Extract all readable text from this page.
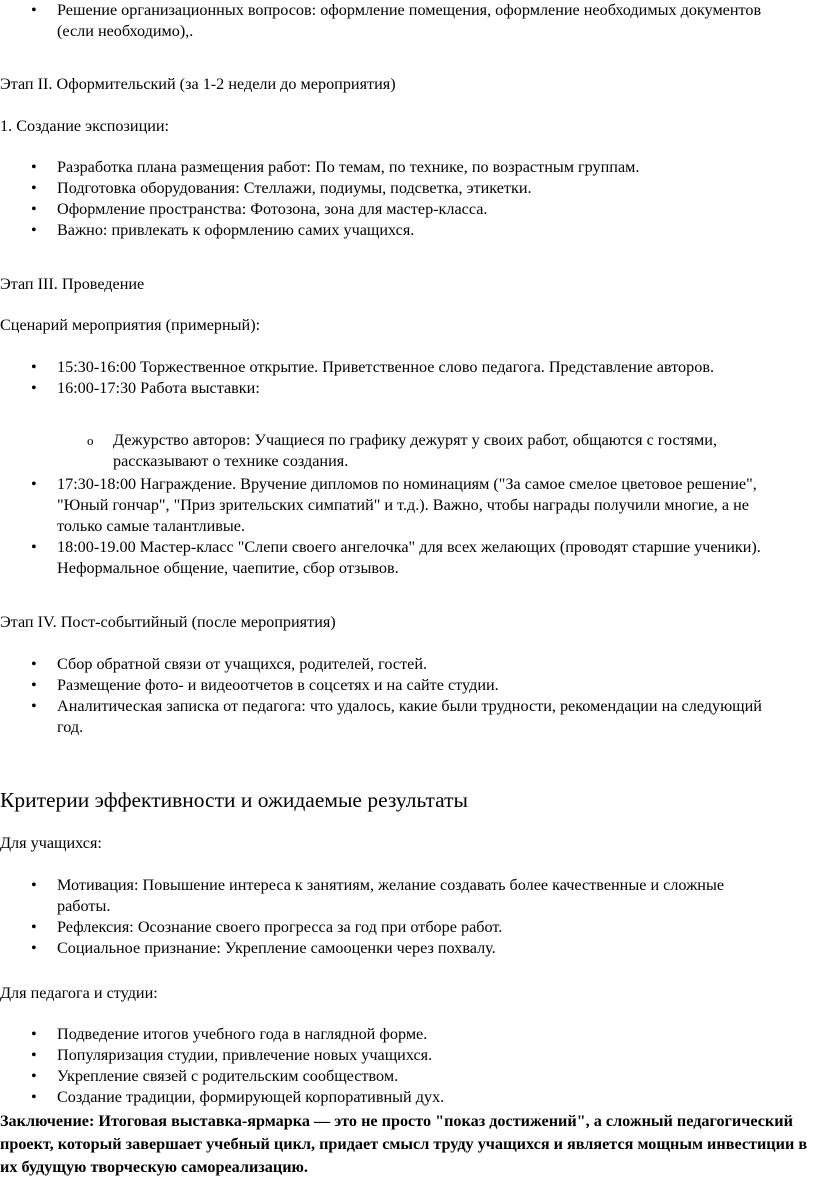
• Решение организационных вопросов: оформление помещения, оформление необходимых документов (если необходимо),.

Этап II. Оформительский (за 1-2 недели до мероприятия)

1. Создание экспозиции:

• Разработка плана размещения работ: По темам, по технике, по возрастным группам.
• Подготовка оборудования: Стеллажи, подиумы, подсветка, этикетки.
• Оформление пространства: Фотозона, зона для мастер-класса.
• Важно: привлекать к оформлению самих учащихся.

Этап III. Проведение

Сценарий мероприятия (примерный):

• 15:30-16:00 Торжественное открытие. Приветственное слово педагога. Представление авторов.
• 16:00-17:30 Работа выставки:
o Дежурство авторов: Учащиеся по графику дежурят у своих работ, общаются с гостями, рассказывают о технике создания.
• 17:30-18:00 Награждение. Вручение дипломов по номинациям ("За самое смелое цветовое решение", "Юный гончар", "Приз зрительских симпатий" и т.д.). Важно, чтобы награды получили многие, а не только самые талантливые.
• 18:00-19.00 Мастер-класс "Слепи своего ангелочка" для всех желающих (проводят старшие ученики). Неформальное общение, чаепитие, сбор отзывов.

Этап IV. Пост-событийный (после мероприятия)

• Сбор обратной связи от учащихся, родителей, гостей.
• Размещение фото- и видеоотчетов в соцсетях и на сайте студии.
• Аналитическая записка от педагога: что удалось, какие были трудности, рекомендации на следующий год.

Критерии эффективности и ожидаемые результаты

Для учащихся:

• Мотивация: Повышение интереса к занятиям, желание создавать более качественные и сложные работы.
• Рефлексия: Осознание своего прогресса за год при отборе работ.
• Социальное признание: Укрепление самооценки через похвалу.

Для педагога и студии:

• Подведение итогов учебного года в наглядной форме.
• Популяризация студии, привлечение новых учащихся.
• Укрепление связей с родительским сообществом.
• Создание традиции, формирующей корпоративный дух.

Заключение: Итоговая выставка-ярмарка — это не просто "показ достижений", а сложный педагогический проект, который завершает учебный цикл, придает смысл труду учащихся и является мощным инвестиции в их будущую творческую самореализацию.
